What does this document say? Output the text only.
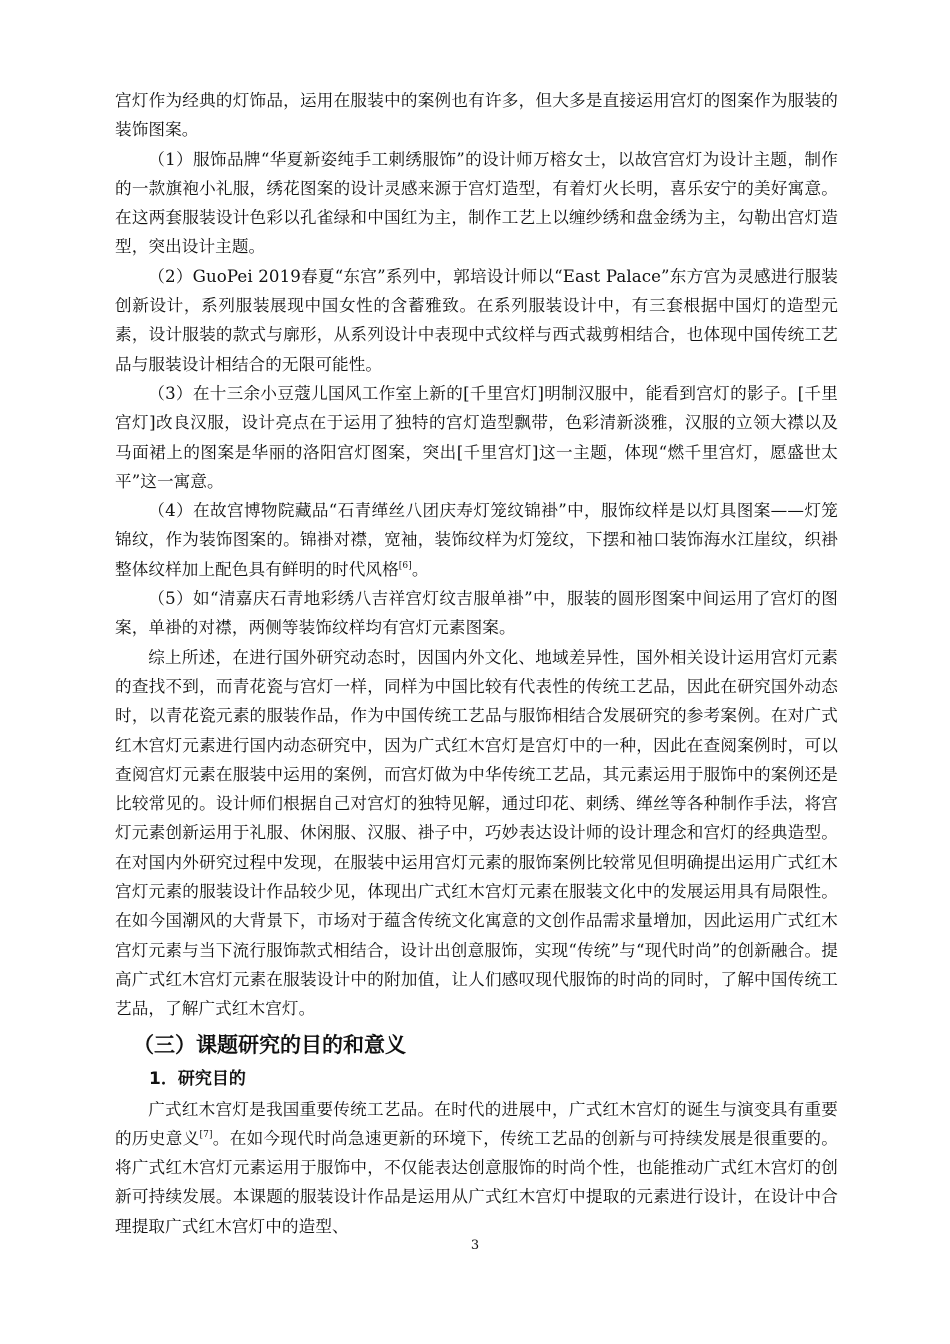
宫灯作为经典的灯饰品，运用在服装中的案例也有许多，但大多是直接运用宫灯的图案作为服装的装饰图案。

（1）服饰品牌“华夏新姿纯手工刺绣服饰”的设计师万榕女士，以故宫宫灯为设计主题，制作的一款旗袍小礼服，绣花图案的设计灵感来源于宫灯造型，有着灯火长明，喜乐安宁的美好寓意。在这两套服装设计色彩以孔雀绿和中国红为主，制作工艺上以缠纱绣和盘金绣为主，勾勒出宫灯造型，突出设计主题。

（2）GuoPei 2019春夏“东宫”系列中，郭培设计师以“East Palace”东方宫为灵感进行服装创新设计，系列服装展现中国女性的含蓄雅致。在系列服装设计中，有三套根据中国灯的造型元素，设计服装的款式与廓形，从系列设计中表现中式纹样与西式裁剪相结合，也体现中国传统工艺品与服装设计相结合的无限可能性。

（3）在十三余小豆蔻儿国风工作室上新的[千里宫灯]明制汉服中，能看到宫灯的影子。[千里宫灯]改良汉服，设计亮点在于运用了独特的宫灯造型飘带，色彩清新淡雅，汉服的立领大襟以及马面裙上的图案是华丽的洛阳宫灯图案，突出[千里宫灯]这一主题，体现“燃千里宫灯，愿盛世太平”这一寓意。

（4）在故宫博物院藏品“石青缂丝八团庆寿灯笼纹锦褂”中，服饰纹样是以灯具图案——灯笼锦纹，作为装饰图案的。锦褂对襟，宽袖，装饰纹样为灯笼纹，下摆和袖口装饰海水江崖纹，织褂整体纹样加上配色具有鲜明的时代风格[6]。

（5）如“清嘉庆石青地彩绣八吉祥宫灯纹吉服单褂”中，服装的圆形图案中间运用了宫灯的图案，单褂的对襟，两侧等装饰纹样均有宫灯元素图案。

综上所述，在进行国外研究动态时，因国内外文化、地域差异性，国外相关设计运用宫灯元素的查找不到，而青花瓷与宫灯一样，同样为中国比较有代表性的传统工艺品，因此在研究国外动态时，以青花瓷元素的服装作品，作为中国传统工艺品与服饰相结合发展研究的参考案例。在对广式红木宫灯元素进行国内动态研究中，因为广式红木宫灯是宫灯中的一种，因此在查阅案例时，可以查阅宫灯元素在服装中运用的案例，而宫灯做为中华传统工艺品，其元素运用于服饰中的案例还是比较常见的。设计师们根据自己对宫灯的独特见解，通过印花、刺绣、缂丝等各种制作手法，将宫灯元素创新运用于礼服、休闲服、汉服、褂子中，巧妙表达设计师的设计理念和宫灯的经典造型。在对国内外研究过程中发现，在服装中运用宫灯元素的服饰案例比较常见但明确提出运用广式红木宫灯元素的服装设计作品较少见，体现出广式红木宫灯元素在服装文化中的发展运用具有局限性。在如今国潮风的大背景下，市场对于蕴含传统文化寓意的文创作品需求量增加，因此运用广式红木宫灯元素与当下流行服饰款式相结合，设计出创意服饰，实现“传统”与“现代时尚”的创新融合。提高广式红木宫灯元素在服装设计中的附加值，让人们感叹现代服饰的时尚的同时，了解中国传统工艺品，了解广式红木宫灯。

（三）课题研究的目的和意义
1．研究目的

广式红木宫灯是我国重要传统工艺品。在时代的进展中，广式红木宫灯的诞生与演变具有重要的历史意义[7]。在如今现代时尚急速更新的环境下，传统工艺品的创新与可持续发展是很重要的。将广式红木宫灯元素运用于服饰中，不仅能表达创意服饰的时尚个性，也能推动广式红木宫灯的创新可持续发展。本课题的服装设计作品是运用从广式红木宫灯中提取的元素进行设计，在设计中合理提取广式红木宫灯中的造型、

3
